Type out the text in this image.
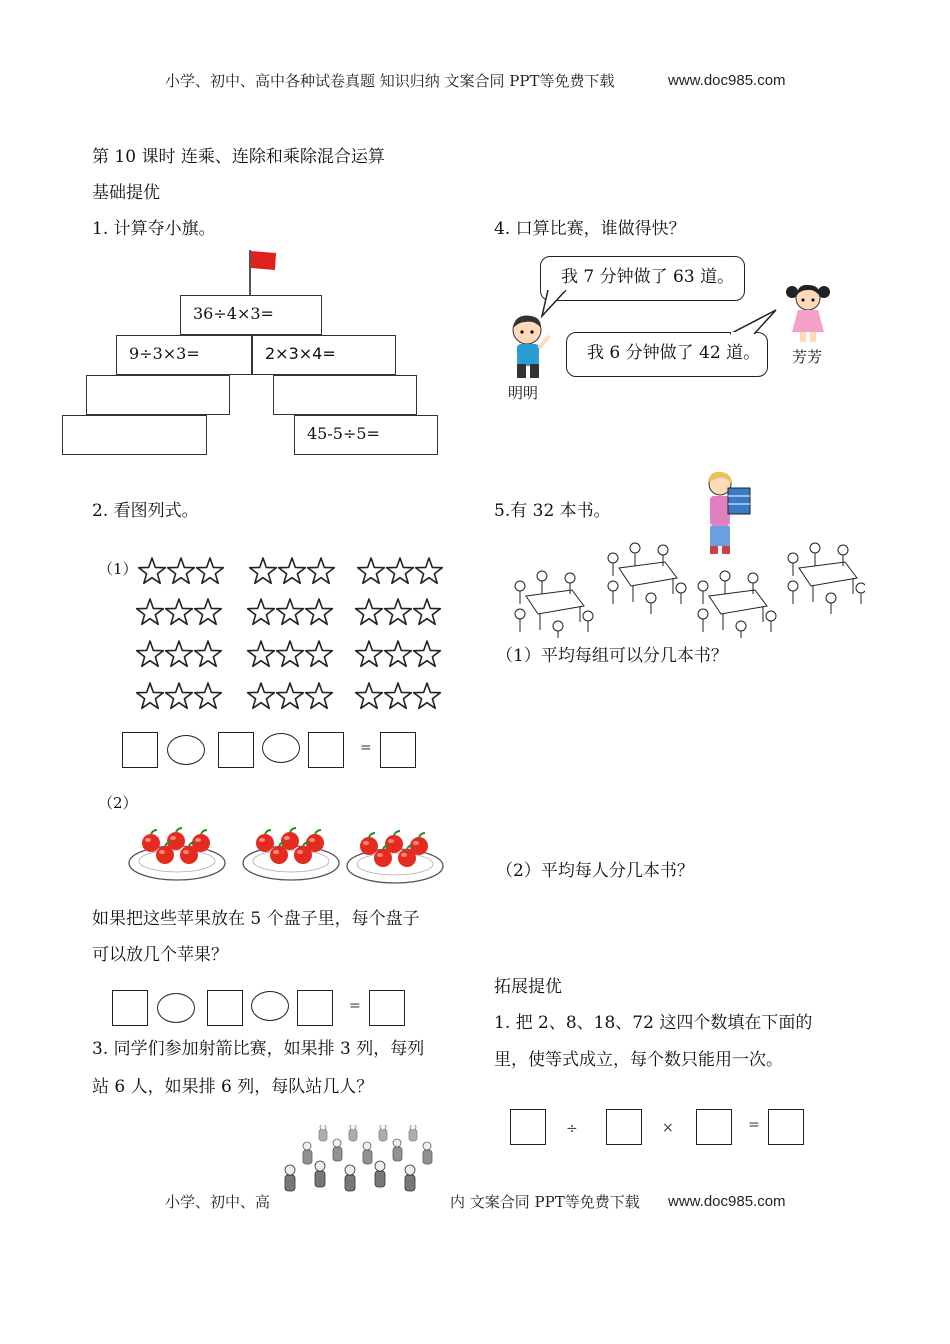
小学、初中、高中各种试卷真题 知识归纳 文案合同 PPT等免费下载	www.doc985.com
第 10 课时 连乘、连除和乘除混合运算
基础提优
1. 计算夺小旗。
36÷4×3=
9÷3×3=	2×3×4=
45-5÷5=
2. 看图列式。
（1）
=
（2）
如果把这些苹果放在 5 个盘子里，每个盘子
可以放几个苹果？
=
3. 同学们参加射箭比赛，如果排 3 列，每列
站 6 人，如果排 6 列，每队站几人？
4. 口算比赛，谁做得快？
我 7 分钟做了 63 道。
我 6 分钟做了 42 道。
明明
芳芳
5.有 32 本书。
（1）平均每组可以分几本书？
（2）平均每人分几本书？
拓展提优
1. 把 2、8、18、72 这四个数填在下面的
里，使等式成立，每个数只能用一次。
÷	×	=
小学、初中、高	内 文案合同 PPT等免费下载 www.doc985.com
